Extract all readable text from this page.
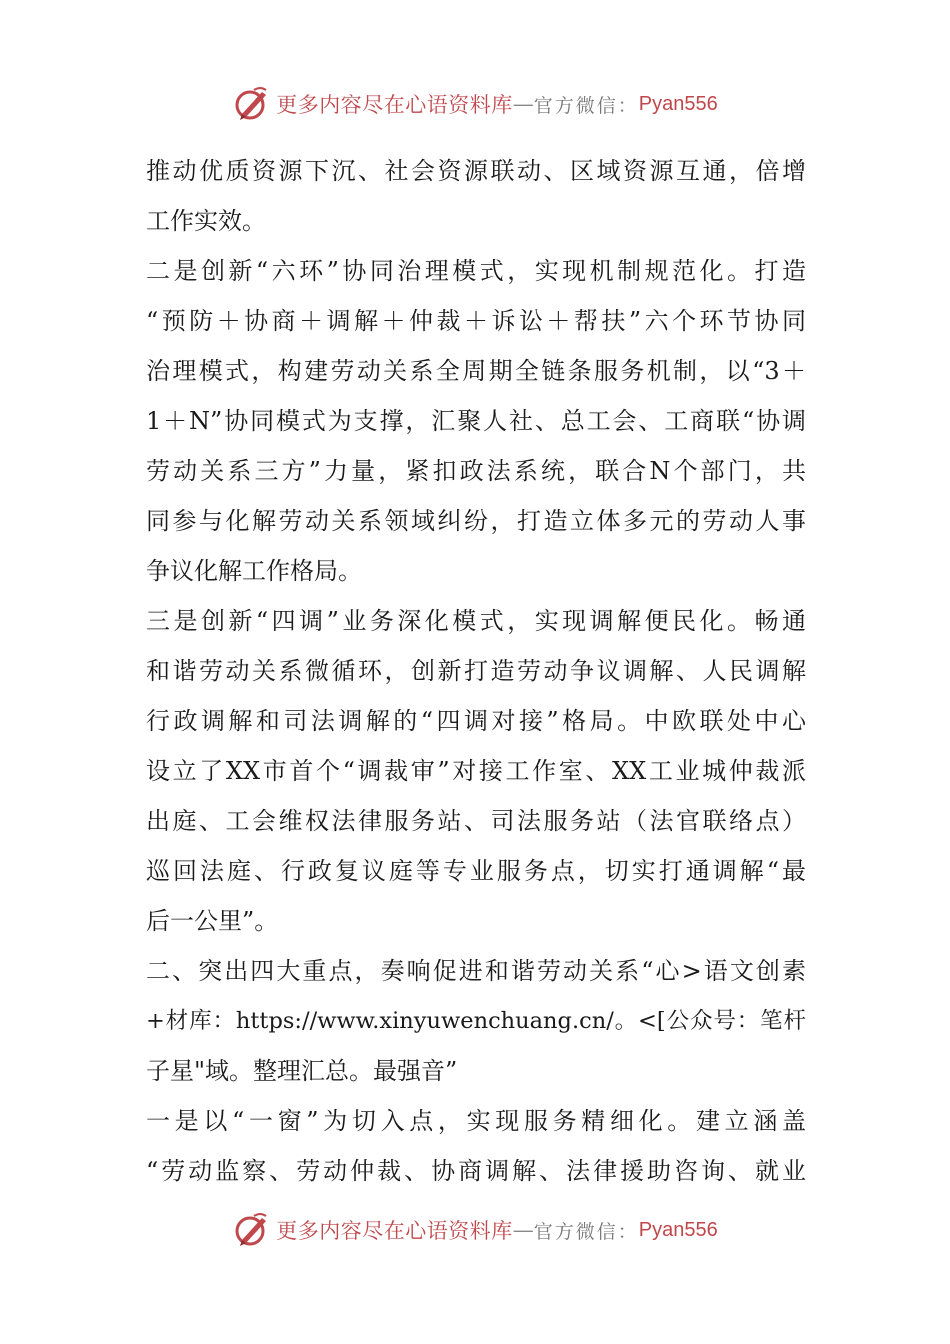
更多内容尽在心语资料库 — 官方微信： Pyan556
推动优质资源下沉、社会资源联动、区域资源互通，倍增
工作实效。
二是创新“六环”协同治理模式，实现机制规范化。打造
“预防＋协商＋调解＋仲裁＋诉讼＋帮扶”六个环节协同
治理模式，构建劳动关系全周期全链条服务机制，以“3＋
1＋N”协同模式为支撑，汇聚人社、总工会、工商联“协调
劳动关系三方”力量，紧扣政法系统，联合N个部门，共
同参与化解劳动关系领域纠纷，打造立体多元的劳动人事
争议化解工作格局。
三是创新“四调”业务深化模式，实现调解便民化。畅通
和谐劳动关系微循环，创新打造劳动争议调解、人民调解
行政调解和司法调解的“四调对接”格局。中欧联处中心
设立了XX市首个“调裁审”对接工作室、XX工业城仲裁派
出庭、工会维权法律服务站、司法服务站（法官联络点）
巡回法庭、行政复议庭等专业服务点，切实打通调解“最
后一公里”。
二、突出四大重点，奏响促进和谐劳动关系“心>语文创素
+材库：https://www.xinyuwenchuang.cn/。<[公众号：笔杆
子星"域。整理汇总。最强音”
一是以“一窗”为切入点，实现服务精细化。建立涵盖
“劳动监察、劳动仲裁、协商调解、法律援助咨询、就业
更多内容尽在心语资料库 — 官方微信： Pyan556
